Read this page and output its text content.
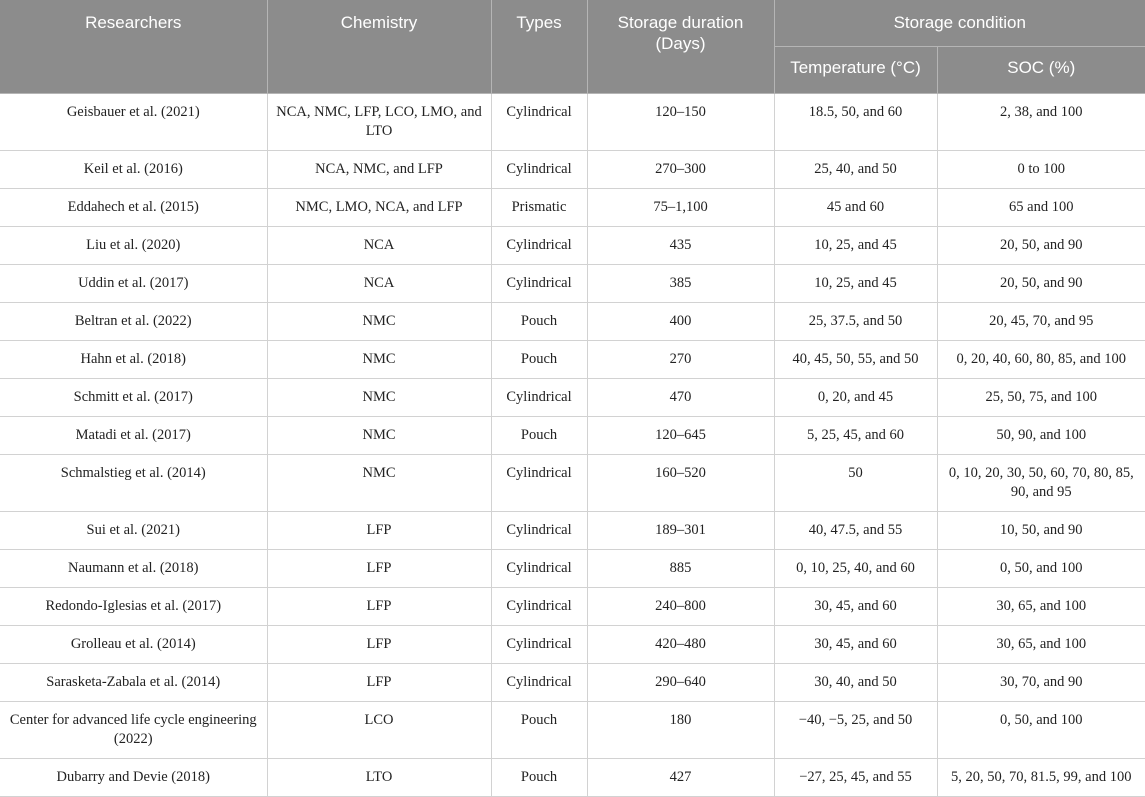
Researchers	Chemistry	Types	Storage duration (Days)	Storage condition	
				Temperature (°C)	SOC (%)
Geisbauer et al. (2021)	NCA, NMC, LFP, LCO, LMO, and LTO	Cylindrical	120–150	18.5, 50, and 60	2, 38, and 100
Keil et al. (2016)	NCA, NMC, and LFP	Cylindrical	270–300	25, 40, and 50	0 to 100
Eddahech et al. (2015)	NMC, LMO, NCA, and LFP	Prismatic	75–1,100	45 and 60	65 and 100
Liu et al. (2020)	NCA	Cylindrical	435	10, 25, and 45	20, 50, and 90
Uddin et al. (2017)	NCA	Cylindrical	385	10, 25, and 45	20, 50, and 90
Beltran et al. (2022)	NMC	Pouch	400	25, 37.5, and 50	20, 45, 70, and 95
Hahn et al. (2018)	NMC	Pouch	270	40, 45, 50, 55, and 50	0, 20, 40, 60, 80, 85, and 100
Schmitt et al. (2017)	NMC	Cylindrical	470	0, 20, and 45	25, 50, 75, and 100
Matadi et al. (2017)	NMC	Pouch	120–645	5, 25, 45, and 60	50, 90, and 100
Schmalstieg et al. (2014)	NMC	Cylindrical	160–520	50	0, 10, 20, 30, 50, 60, 70, 80, 85, 90, and 95
Sui et al. (2021)	LFP	Cylindrical	189–301	40, 47.5, and 55	10, 50, and 90
Naumann et al. (2018)	LFP	Cylindrical	885	0, 10, 25, 40, and 60	0, 50, and 100
Redondo-Iglesias et al. (2017)	LFP	Cylindrical	240–800	30, 45, and 60	30, 65, and 100
Grolleau et al. (2014)	LFP	Cylindrical	420–480	30, 45, and 60	30, 65, and 100
Sarasketa-Zabala et al. (2014)	LFP	Cylindrical	290–640	30, 40, and 50	30, 70, and 90
Center for advanced life cycle engineering (2022)	LCO	Pouch	180	−40, −5, 25, and 50	0, 50, and 100
Dubarry and Devie (2018)	LTO	Pouch	427	−27, 25, 45, and 55	5, 20, 50, 70, 81.5, 99, and 100
